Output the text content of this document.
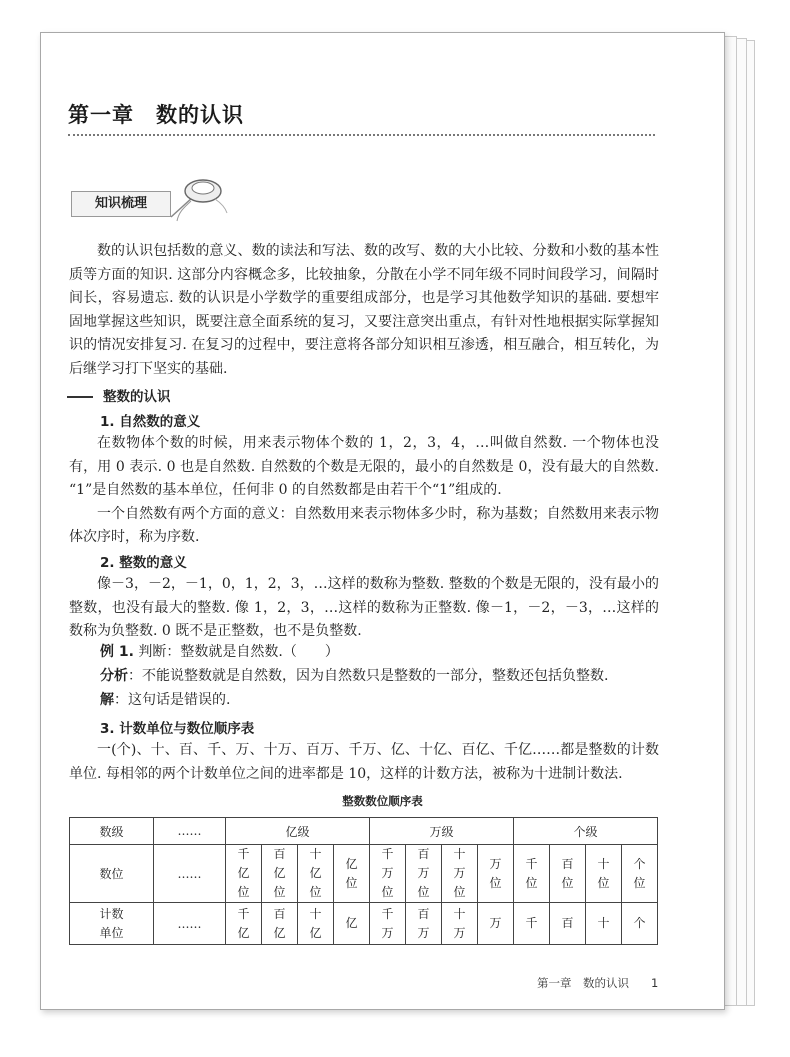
第一章　数的认识
知识梳理

数的认识包括数的意义、数的读法和写法、数的改写、数的大小比较、分数和小数的基本性质等方面的知识. 这部分内容概念多，比较抽象，分散在小学不同年级不同时间段学习，间隔时间长，容易遗忘. 数的认识是小学数学的重要组成部分，也是学习其他数学知识的基础. 要想牢固地掌握这些知识，既要注意全面系统的复习，又要注意突出重点，有针对性地根据实际掌握知识的情况安排复习. 在复习的过程中，要注意将各部分知识相互渗透，相互融合，相互转化，为后继学习打下坚实的基础.

整数的认识
1. 自然数的意义

在数物体个数的时候，用来表示物体个数的 1，2，3，4，…叫做自然数. 一个物体也没有，用 0 表示. 0 也是自然数. 自然数的个数是无限的，最小的自然数是 0，没有最大的自然数. “1”是自然数的基本单位，任何非 0 的自然数都是由若干个“1”组成的.

一个自然数有两个方面的意义：自然数用来表示物体多少时，称为基数；自然数用来表示物体次序时，称为序数.

2. 整数的意义

像－3，－2，－1，0，1，2，3，…这样的数称为整数. 整数的个数是无限的，没有最小的整数，也没有最大的整数. 像 1，2，3，…这样的数称为正整数. 像－1，－2，－3，…这样的数称为负整数. 0 既不是正整数，也不是负整数.

例 1. 判断：整数就是自然数.（　　）
分析：不能说整数就是自然数，因为自然数只是整数的一部分，整数还包括负整数.
解：这句话是错误的.
3. 计数单位与数位顺序表

一(个)、十、百、千、万、十万、百万、千万、亿、十亿、百亿、千亿……都是整数的计数单位. 每相邻的两个计数单位之间的进率都是 10，这样的计数方法，被称为十进制计数法.

整数数位顺序表
数级	……	亿级				万级				个级			
数位	……	千亿位	百亿位	十亿位	亿位	千万位	百万位	十万位	万位	千位	百位	十位	个位
计数单位	……	千亿	百亿	十亿	亿	千万	百万	十万	万	千	百	十	个
第一章　数的认识 1
